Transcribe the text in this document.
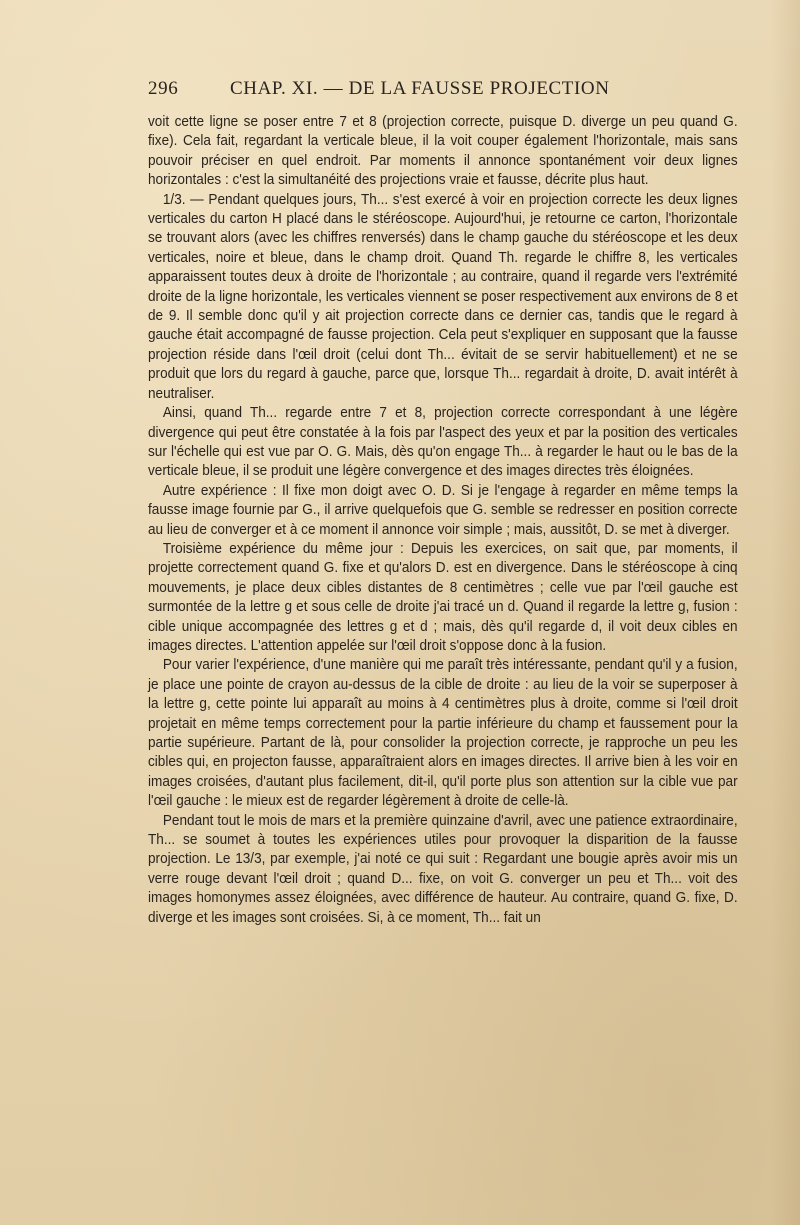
296	CHAP. XI. — DE LA FAUSSE PROJECTION

voit cette ligne se poser entre 7 et 8 (projection correcte, puisque D. diverge un peu quand G. fixe). Cela fait, regardant la verticale bleue, il la voit couper également l'horizontale, mais sans pouvoir préciser en quel endroit. Par moments il annonce spontanément voir deux lignes horizontales : c'est la simultanéité des projections vraie et fausse, décrite plus haut.

1/3. — Pendant quelques jours, Th... s'est exercé à voir en projection correcte les deux lignes verticales du carton H placé dans le stéréoscope. Aujourd'hui, je retourne ce carton, l'horizontale se trouvant alors (avec les chiffres renversés) dans le champ gauche du stéréoscope et les deux verticales, noire et bleue, dans le champ droit. Quand Th. regarde le chiffre 8, les verticales apparaissent toutes deux à droite de l'horizontale ; au contraire, quand il regarde vers l'extrémité droite de la ligne horizontale, les verticales viennent se poser respectivement aux environs de 8 et de 9. Il semble donc qu'il y ait projection correcte dans ce dernier cas, tandis que le regard à gauche était accompagné de fausse projection. Cela peut s'expliquer en supposant que la fausse projection réside dans l'œil droit (celui dont Th... évitait de se servir habituellement) et ne se produit que lors du regard à gauche, parce que, lorsque Th... regardait à droite, D. avait intérêt à neutraliser.

Ainsi, quand Th... regarde entre 7 et 8, projection correcte correspondant à une légère divergence qui peut être constatée à la fois par l'aspect des yeux et par la position des verticales sur l'échelle qui est vue par O. G. Mais, dès qu'on engage Th... à regarder le haut ou le bas de la verticale bleue, il se produit une légère convergence et des images directes très éloignées.

Autre expérience : Il fixe mon doigt avec O. D. Si je l'engage à regarder en même temps la fausse image fournie par G., il arrive quelquefois que G. semble se redresser en position correcte au lieu de converger et à ce moment il annonce voir simple ; mais, aussitôt, D. se met à diverger.

Troisième expérience du même jour : Depuis les exercices, on sait que, par moments, il projette correctement quand G. fixe et qu'alors D. est en divergence. Dans le stéréoscope à cinq mouvements, je place deux cibles distantes de 8 centimètres ; celle vue par l'œil gauche est surmontée de la lettre g et sous celle de droite j'ai tracé un d. Quand il regarde la lettre g, fusion : cible unique accompagnée des lettres g et d ; mais, dès qu'il regarde d, il voit deux cibles en images directes. L'attention appelée sur l'œil droit s'oppose donc à la fusion.

Pour varier l'expérience, d'une manière qui me paraît très intéressante, pendant qu'il y a fusion, je place une pointe de crayon au-dessus de la cible de droite : au lieu de la voir se superposer à la lettre g, cette pointe lui apparaît au moins à 4 centimètres plus à droite, comme si l'œil droit projetait en même temps correctement pour la partie inférieure du champ et faussement pour la partie supérieure. Partant de là, pour consolider la projection correcte, je rapproche un peu les cibles qui, en projecton fausse, apparaîtraient alors en images directes. Il arrive bien à les voir en images croisées, d'autant plus facilement, dit-il, qu'il porte plus son attention sur la cible vue par l'œil gauche : le mieux est de regarder légèrement à droite de celle-là.

Pendant tout le mois de mars et la première quinzaine d'avril, avec une patience extraordinaire, Th... se soumet à toutes les expériences utiles pour provoquer la disparition de la fausse projection. Le 13/3, par exemple, j'ai noté ce qui suit : Regardant une bougie après avoir mis un verre rouge devant l'œil droit ; quand D... fixe, on voit G. converger un peu et Th... voit des images homonymes assez éloignées, avec différence de hauteur. Au contraire, quand G. fixe, D. diverge et les images sont croisées. Si, à ce moment, Th... fait un
